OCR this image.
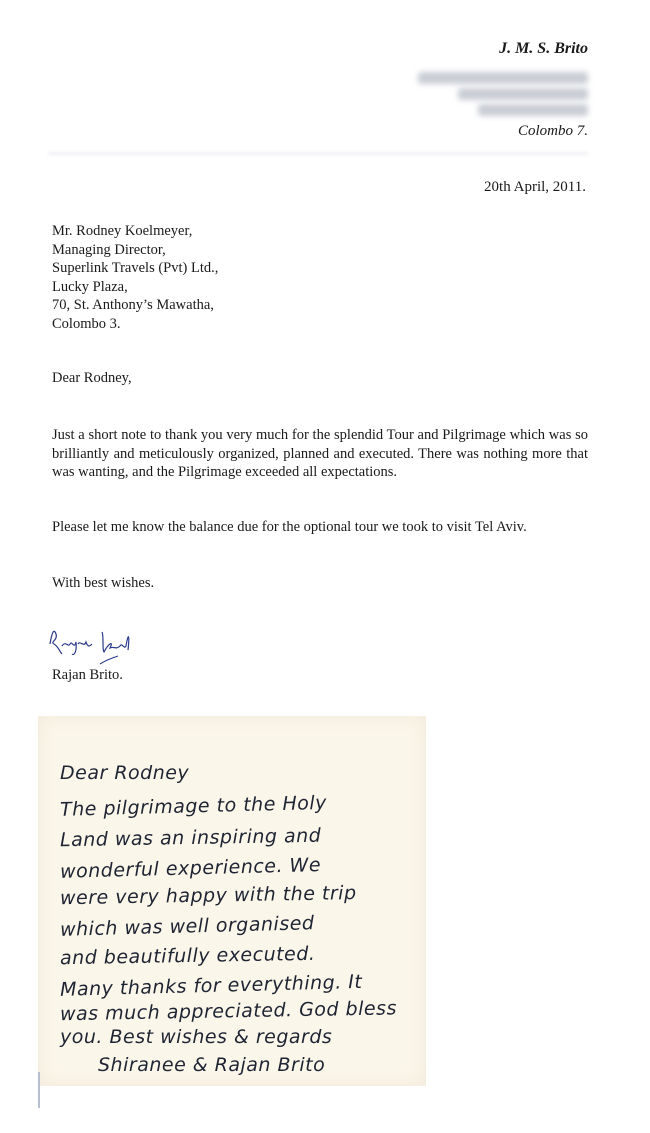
J. M. S. Brito
Colombo 7.
20th April, 2011.
Mr. Rodney Koelmeyer,
Managing Director,
Superlink Travels (Pvt) Ltd.,
Lucky Plaza,
70, St. Anthony’s Mawatha,
Colombo 3.
Dear Rodney,
Just a short note to thank you very much for the splendid Tour and Pilgrimage which was so brilliantly and meticulously organized, planned and executed. There was nothing more that was wanting, and the Pilgrimage exceeded all expectations.
Please let me know the balance due for the optional tour we took to visit Tel Aviv.
With best wishes.
Rajan Brito.
Dear Rodney
The pilgrimage to the Holy
Land was an inspiring and
wonderful experience. We
were very happy with the trip
which was well organised
and beautifully executed.
Many thanks for everything. It
was much appreciated. God bless
you. Best wishes & regards
Shiranee & Rajan Brito
